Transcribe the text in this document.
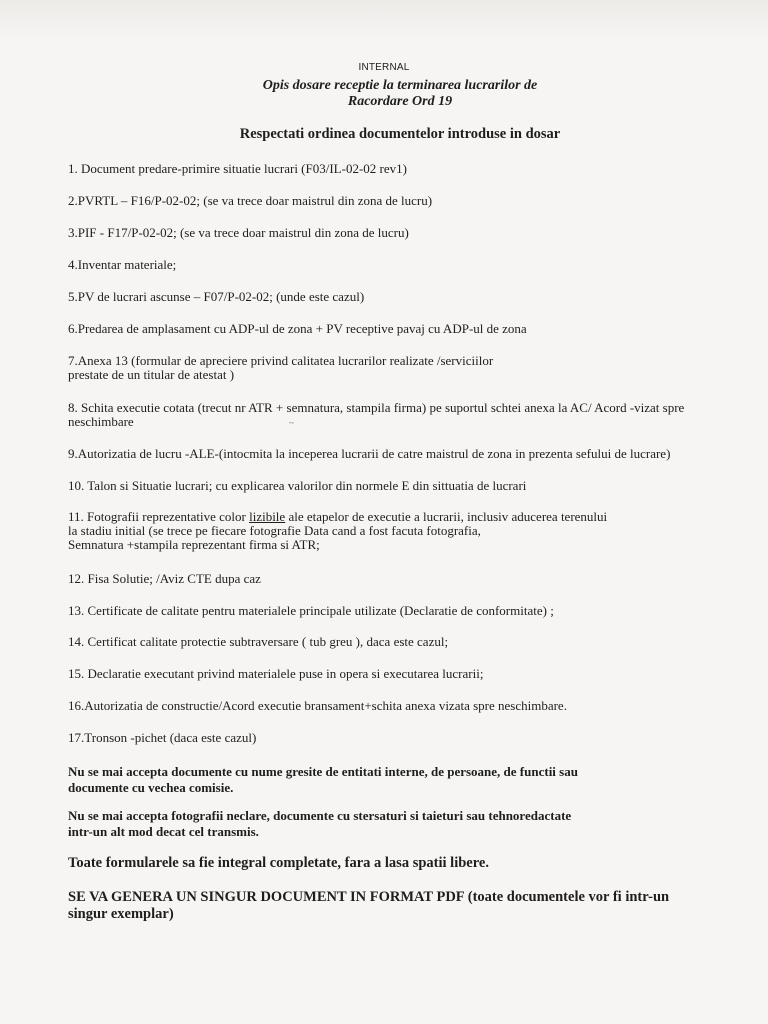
INTERNAL
Opis dosare receptie la terminarea lucrarilor de
Racordare Ord 19
Respectati ordinea documentelor introduse in dosar
1. Document predare-primire situatie lucrari (F03/IL-02-02 rev1)
2.PVRTL – F16/P-02-02; (se va trece doar maistrul din zona de lucru)
3.PIF - F17/P-02-02; (se va trece doar maistrul din zona de lucru)
4.Inventar materiale;
5.PV de lucrari ascunse – F07/P-02-02; (unde este cazul)
6.Predarea de amplasament cu ADP-ul de zona + PV receptive pavaj cu ADP-ul de zona
7.Anexa 13 (formular de apreciere privind calitatea lucrarilor realizate /serviciilor
prestate de un titular de atestat )
8. Schita executie cotata (trecut nr ATR + semnatura, stampila firma) pe suportul schtei anexa la AC/ Acord -vizat spre
neschimbare	~
9.Autorizatia de lucru -ALE-(intocmita la inceperea lucrarii de catre maistrul de zona in prezenta sefului de lucrare)
10. Talon si Situatie lucrari; cu explicarea valorilor din normele E din sittuatia de lucrari
11. Fotografii reprezentative color lizibile ale etapelor de executie a lucrarii, inclusiv aducerea terenului
la stadiu initial (se trece pe fiecare fotografie Data cand a fost facuta fotografia,
Semnatura +stampila reprezentant firma si ATR;
12. Fisa Solutie; /Aviz CTE dupa caz
13. Certificate de calitate pentru materialele principale utilizate (Declaratie de conformitate) ;
14. Certificat calitate protectie subtraversare ( tub greu ), daca este cazul;
15. Declaratie executant privind materialele puse in opera si executarea lucrarii;
16.Autorizatia de constructie/Acord executie bransament+schita anexa vizata spre neschimbare.
17.Tronson -pichet (daca este cazul)
Nu se mai accepta documente cu nume gresite de entitati interne, de persoane, de functii sau
documente cu vechea comisie.
Nu se mai accepta fotografii neclare, documente cu stersaturi si taieturi sau tehnoredactate
intr-un alt mod decat cel transmis.
Toate formularele sa fie integral completate, fara a lasa spatii libere.
SE VA GENERA UN SINGUR DOCUMENT IN FORMAT PDF (toate documentele vor fi intr-un
singur exemplar)
